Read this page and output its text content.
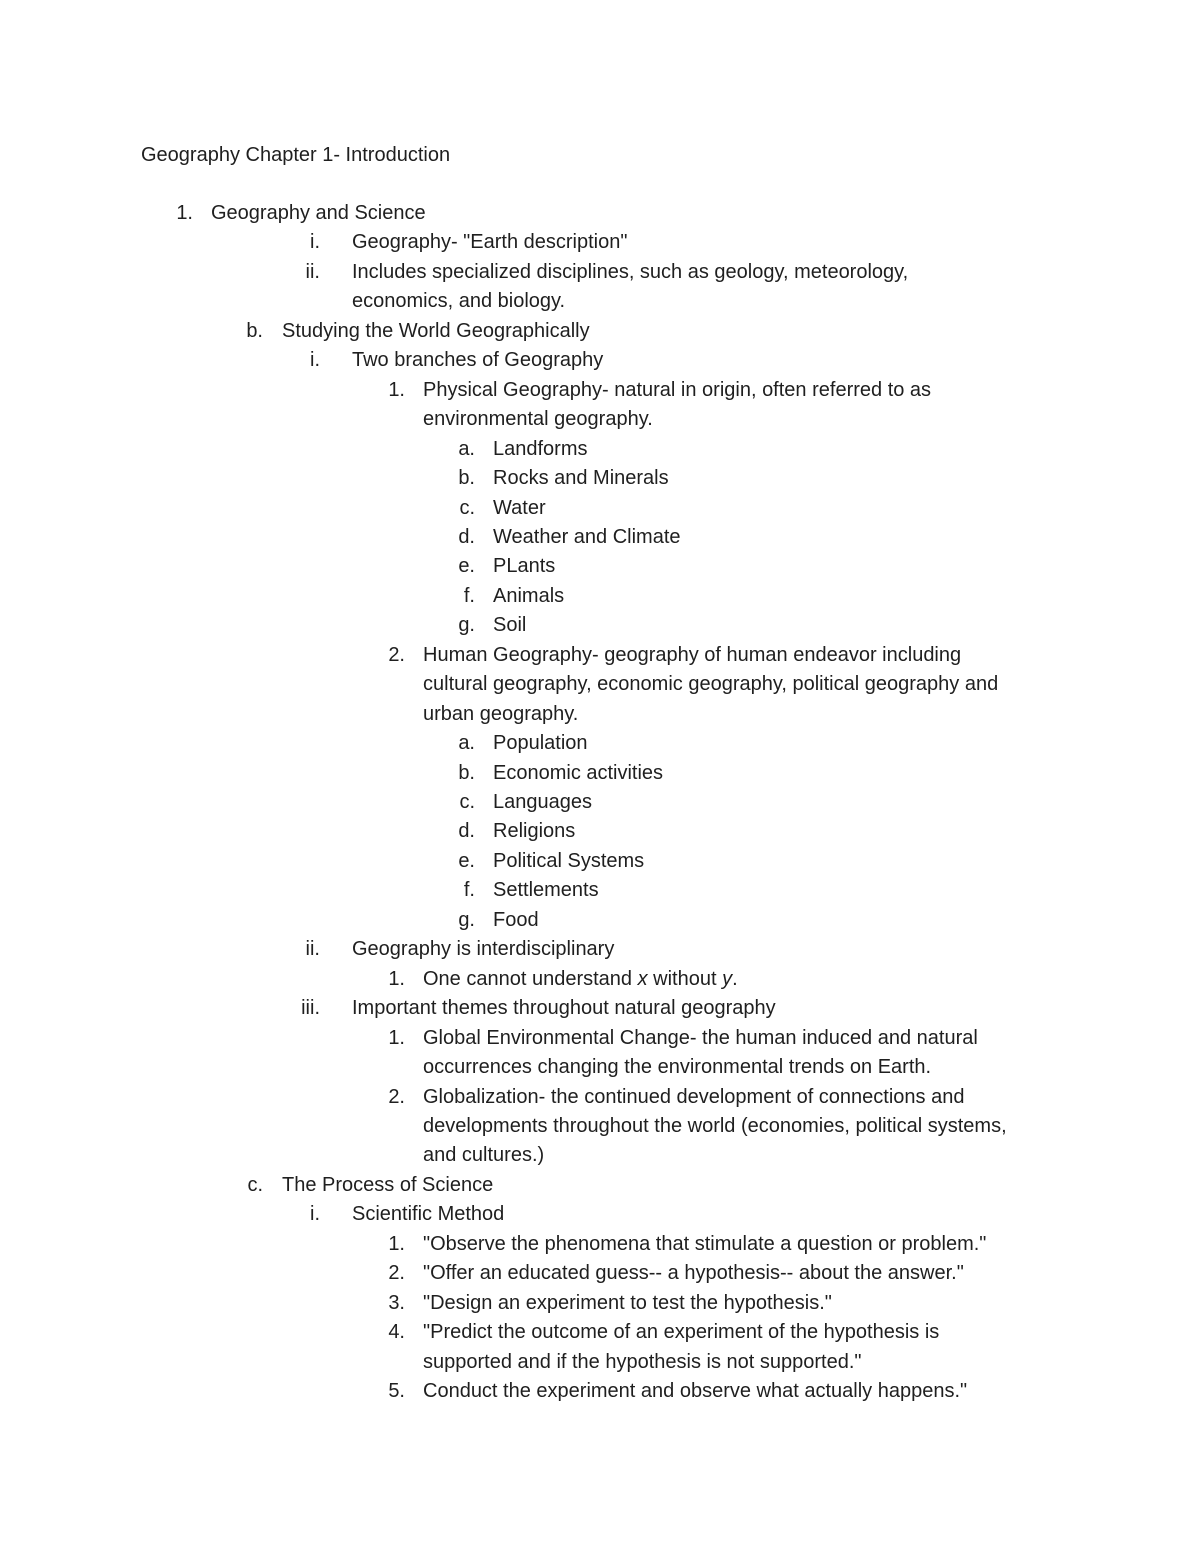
Geography Chapter 1- Introduction
1. Geography and Science
i. Geography- "Earth description"
ii. Includes specialized disciplines, such as geology, meteorology,
economics, and biology.
b. Studying the World Geographically
i. Two branches of Geography
1. Physical Geography- natural in origin, often referred to as
environmental geography.
a. Landforms
b. Rocks and Minerals
c. Water
d. Weather and Climate
e. PLants
f. Animals
g. Soil
2. Human Geography- geography of human endeavor including
cultural geography, economic geography, political geography and
urban geography.
a. Population
b. Economic activities
c. Languages
d. Religions
e. Political Systems
f. Settlements
g. Food
ii. Geography is interdisciplinary
1. One cannot understand x without y.
iii. Important themes throughout natural geography
1. Global Environmental Change- the human induced and natural
occurrences changing the environmental trends on Earth.
2. Globalization- the continued development of connections and
developments throughout the world (economies, political systems,
and cultures.)
c. The Process of Science
i. Scientific Method
1. "Observe the phenomena that stimulate a question or problem."
2. "Offer an educated guess-- a hypothesis-- about the answer."
3. "Design an experiment to test the hypothesis."
4. "Predict the outcome of an experiment of the hypothesis is
supported and if the hypothesis is not supported."
5. Conduct the experiment and observe what actually happens."
